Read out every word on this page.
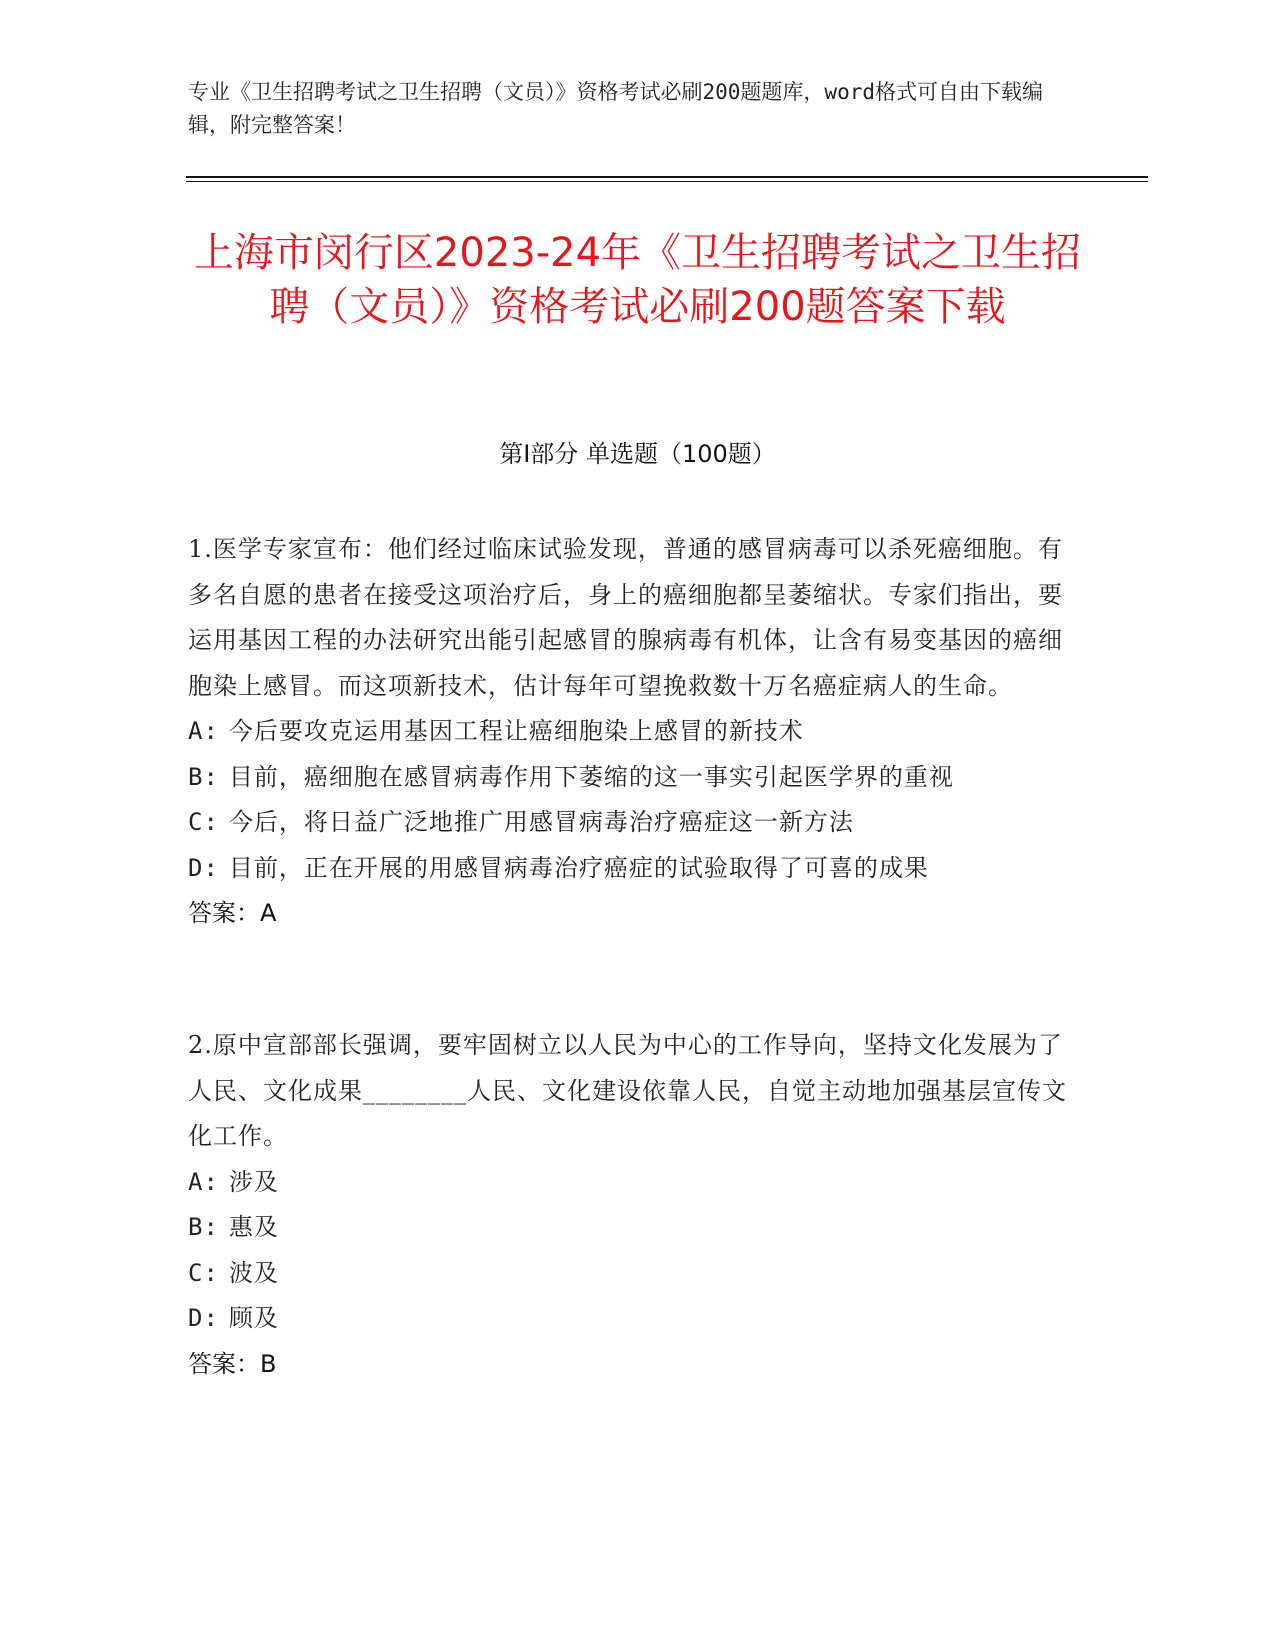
专业《卫生招聘考试之卫生招聘（文员）》资格考试必刷200题题库，word格式可自由下载编辑，附完整答案！
上海市闵行区2023-24年《卫生招聘考试之卫生招聘（文员）》资格考试必刷200题答案下载
第Ⅰ部分 单选题（100题）
1.医学专家宣布：他们经过临床试验发现，普通的感冒病毒可以杀死癌细胞。有多名自愿的患者在接受这项治疗后，身上的癌细胞都呈萎缩状。专家们指出，要运用基因工程的办法研究出能引起感冒的腺病毒有机体，让含有易变基因的癌细胞染上感冒。而这项新技术，估计每年可望挽救数十万名癌症病人的生命。
A: 今后要攻克运用基因工程让癌细胞染上感冒的新技术
B: 目前，癌细胞在感冒病毒作用下萎缩的这一事实引起医学界的重视
C: 今后，将日益广泛地推广用感冒病毒治疗癌症这一新方法
D: 目前，正在开展的用感冒病毒治疗癌症的试验取得了可喜的成果
答案：A
2.原中宣部部长强调，要牢固树立以人民为中心的工作导向，坚持文化发展为了人民、文化成果________人民、文化建设依靠人民，自觉主动地加强基层宣传文化工作。
A: 涉及
B: 惠及
C: 波及
D: 顾及
答案：B
